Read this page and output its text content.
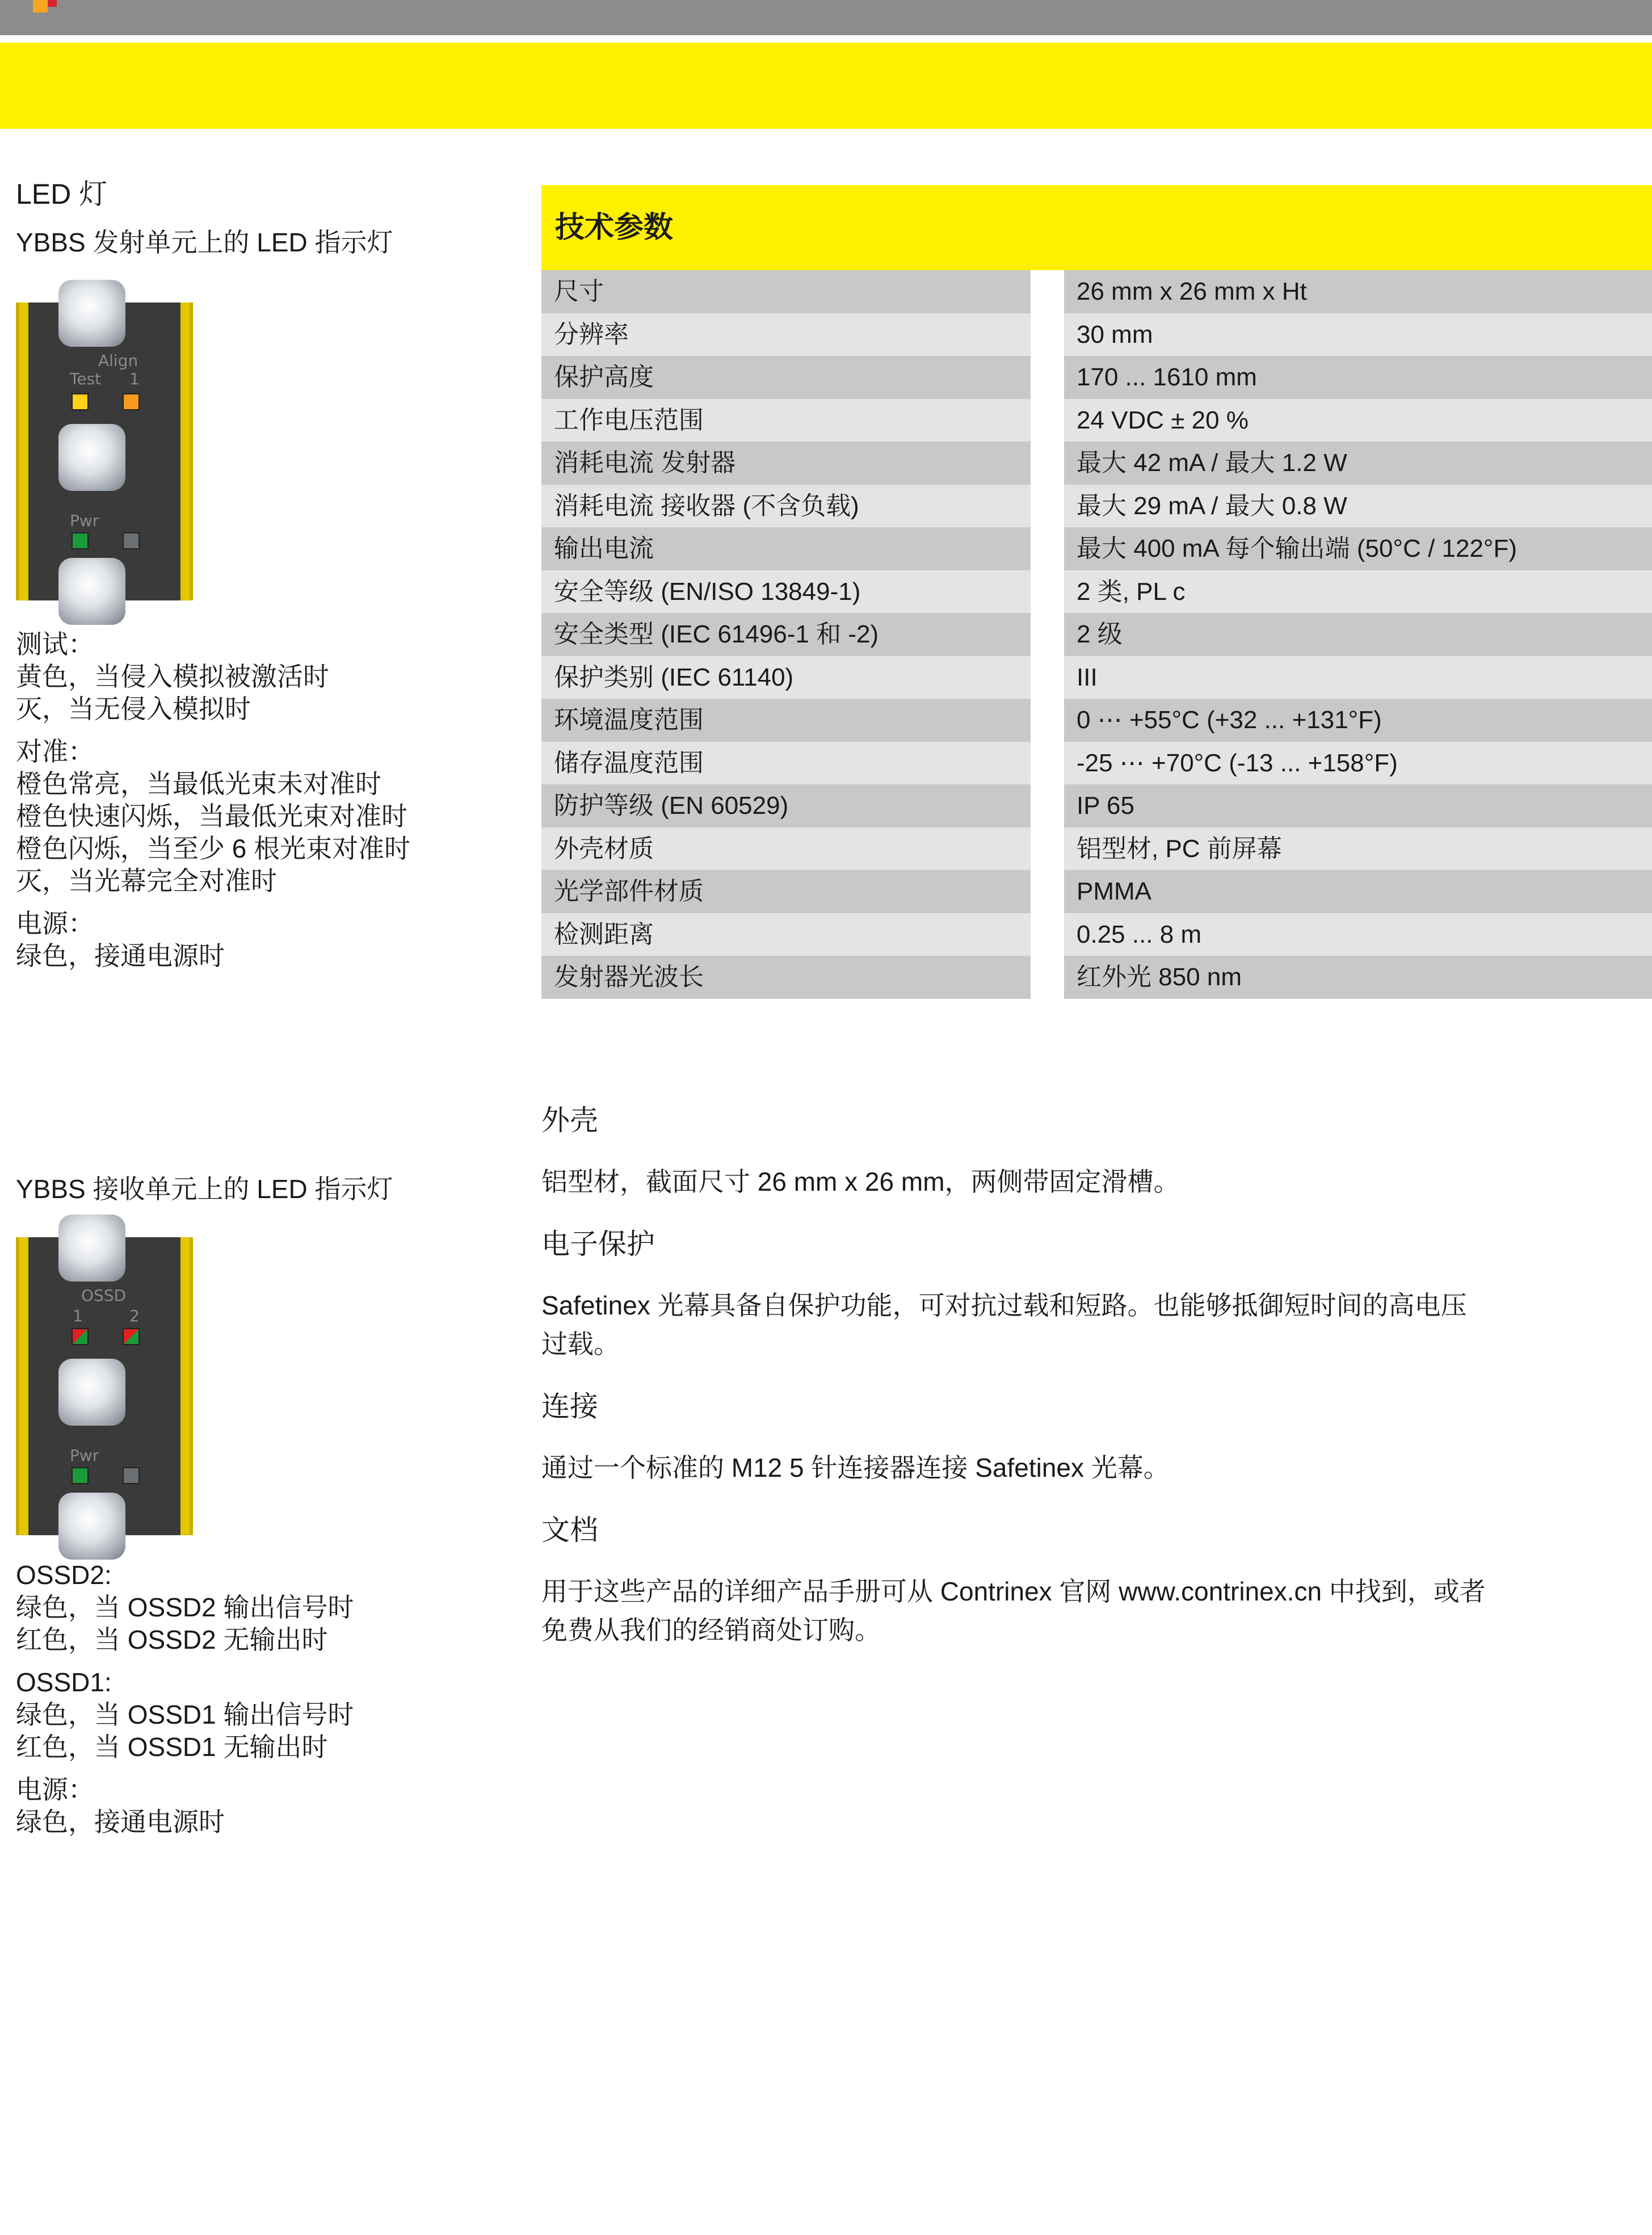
LED 灯
YBBS 发射单元上的 LED 指示灯
Align
Test 1
Pwr
测试：
黄色，当侵入模拟被激活时
灭，当无侵入模拟时
对准：
橙色常亮，当最低光束未对准时
橙色快速闪烁，当最低光束对准时
橙色闪烁，当至少 6 根光束对准时
灭，当光幕完全对准时
电源：
绿色，接通电源时
YBBS 接收单元上的 LED 指示灯
OSSD
1	2
Pwr
OSSD2:
绿色，当 OSSD2 输出信号时
红色，当 OSSD2 无输出时
OSSD1:
绿色，当 OSSD1 输出信号时
红色，当 OSSD1 无输出时
电源：
绿色，接通电源时
技术参数
尺寸	26 mm x 26 mm x Ht
分辨率	30 mm
保护高度	170 ... 1610 mm
工作电压范围	24 VDC ± 20 %
消耗电流 发射器	最大 42 mA / 最大 1.2 W
消耗电流 接收器 (不含负载)	最大 29 mA / 最大 0.8 W
输出电流	最大 400 mA 每个输出端 (50°C / 122°F)
安全等级 (EN/ISO 13849-1)	2 类, PL c
安全类型 (IEC 61496-1 和 -2)	2 级
保护类别 (IEC 61140)	III
环境温度范围	0 ⋯ +55°C (+32 ... +131°F)
储存温度范围	-25 ⋯ +70°C (-13 ... +158°F)
防护等级 (EN 60529)	IP 65
外壳材质	铝型材, PC 前屏幕
光学部件材质	PMMA
检测距离	0.25 ... 8 m
发射器光波长	红外光 850 nm
外壳
铝型材，截面尺寸 26 mm x 26 mm，两侧带固定滑槽。
电子保护
Safetinex 光幕具备自保护功能，可对抗过载和短路。也能够抵御短时间的高电压
过载。
连接
通过一个标准的 M12 5 针连接器连接 Safetinex 光幕。
文档
用于这些产品的详细产品手册可从 Contrinex 官网 www.contrinex.cn 中找到，或者
免费从我们的经销商处订购。
